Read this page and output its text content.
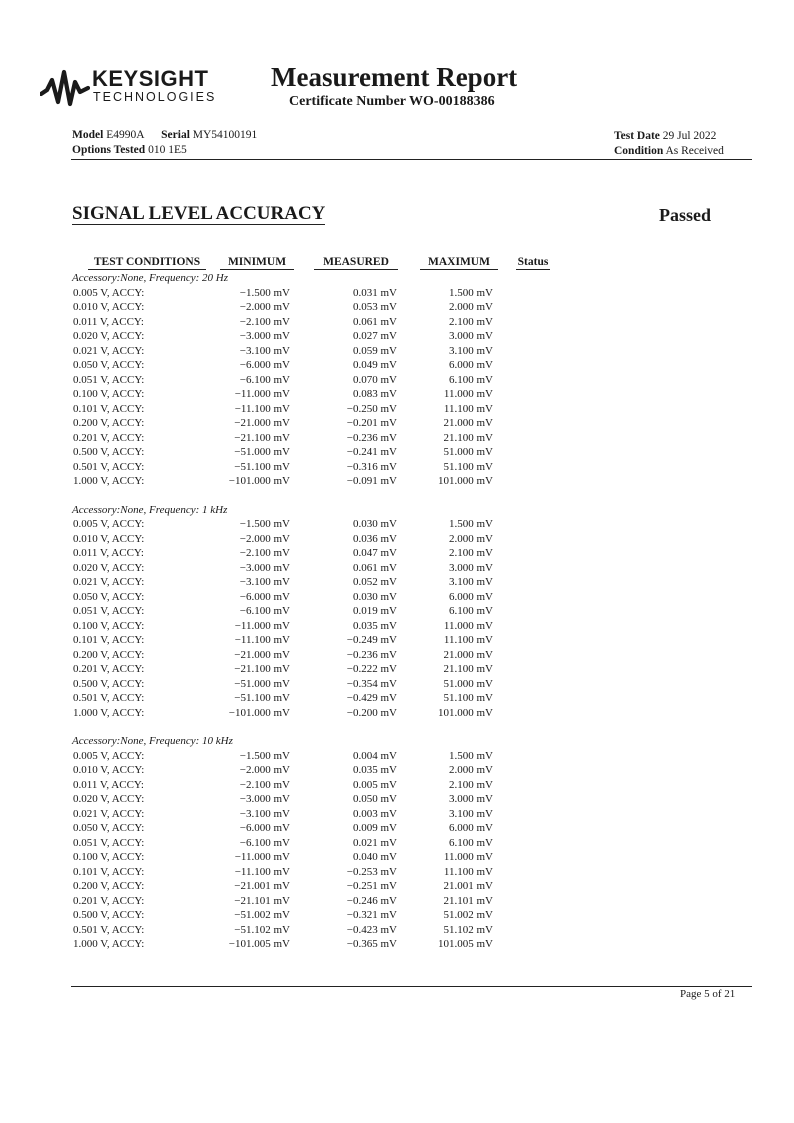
KEYSIGHT
TECHNOLOGIES
Measurement Report
Certificate Number WO-00188386
Model E4990A Serial MY54100191
Options Tested 010 1E5
Test Date 29 Jul 2022
Condition As Received
SIGNAL LEVEL ACCURACY	Passed
TEST CONDITIONS	MINIMUM	MEASURED	MAXIMUM	Status
Accessory:None, Frequency: 20 Hz
0.005 V, ACCY:	−1.500 mV	0.031 mV	1.500 mV
0.010 V, ACCY:	−2.000 mV	0.053 mV	2.000 mV
0.011 V, ACCY:	−2.100 mV	0.061 mV	2.100 mV
0.020 V, ACCY:	−3.000 mV	0.027 mV	3.000 mV
0.021 V, ACCY:	−3.100 mV	0.059 mV	3.100 mV
0.050 V, ACCY:	−6.000 mV	0.049 mV	6.000 mV
0.051 V, ACCY:	−6.100 mV	0.070 mV	6.100 mV
0.100 V, ACCY:	−11.000 mV	0.083 mV	11.000 mV
0.101 V, ACCY:	−11.100 mV	−0.250 mV	11.100 mV
0.200 V, ACCY:	−21.000 mV	−0.201 mV	21.000 mV
0.201 V, ACCY:	−21.100 mV	−0.236 mV	21.100 mV
0.500 V, ACCY:	−51.000 mV	−0.241 mV	51.000 mV
0.501 V, ACCY:	−51.100 mV	−0.316 mV	51.100 mV
1.000 V, ACCY:	−101.000 mV	−0.091 mV	101.000 mV
Accessory:None, Frequency: 1 kHz
0.005 V, ACCY:	−1.500 mV	0.030 mV	1.500 mV
0.010 V, ACCY:	−2.000 mV	0.036 mV	2.000 mV
0.011 V, ACCY:	−2.100 mV	0.047 mV	2.100 mV
0.020 V, ACCY:	−3.000 mV	0.061 mV	3.000 mV
0.021 V, ACCY:	−3.100 mV	0.052 mV	3.100 mV
0.050 V, ACCY:	−6.000 mV	0.030 mV	6.000 mV
0.051 V, ACCY:	−6.100 mV	0.019 mV	6.100 mV
0.100 V, ACCY:	−11.000 mV	0.035 mV	11.000 mV
0.101 V, ACCY:	−11.100 mV	−0.249 mV	11.100 mV
0.200 V, ACCY:	−21.000 mV	−0.236 mV	21.000 mV
0.201 V, ACCY:	−21.100 mV	−0.222 mV	21.100 mV
0.500 V, ACCY:	−51.000 mV	−0.354 mV	51.000 mV
0.501 V, ACCY:	−51.100 mV	−0.429 mV	51.100 mV
1.000 V, ACCY:	−101.000 mV	−0.200 mV	101.000 mV
Accessory:None, Frequency: 10 kHz
0.005 V, ACCY:	−1.500 mV	0.004 mV	1.500 mV
0.010 V, ACCY:	−2.000 mV	0.035 mV	2.000 mV
0.011 V, ACCY:	−2.100 mV	0.005 mV	2.100 mV
0.020 V, ACCY:	−3.000 mV	0.050 mV	3.000 mV
0.021 V, ACCY:	−3.100 mV	0.003 mV	3.100 mV
0.050 V, ACCY:	−6.000 mV	0.009 mV	6.000 mV
0.051 V, ACCY:	−6.100 mV	0.021 mV	6.100 mV
0.100 V, ACCY:	−11.000 mV	0.040 mV	11.000 mV
0.101 V, ACCY:	−11.100 mV	−0.253 mV	11.100 mV
0.200 V, ACCY:	−21.001 mV	−0.251 mV	21.001 mV
0.201 V, ACCY:	−21.101 mV	−0.246 mV	21.101 mV
0.500 V, ACCY:	−51.002 mV	−0.321 mV	51.002 mV
0.501 V, ACCY:	−51.102 mV	−0.423 mV	51.102 mV
1.000 V, ACCY:	−101.005 mV	−0.365 mV	101.005 mV
Page 5 of 21
